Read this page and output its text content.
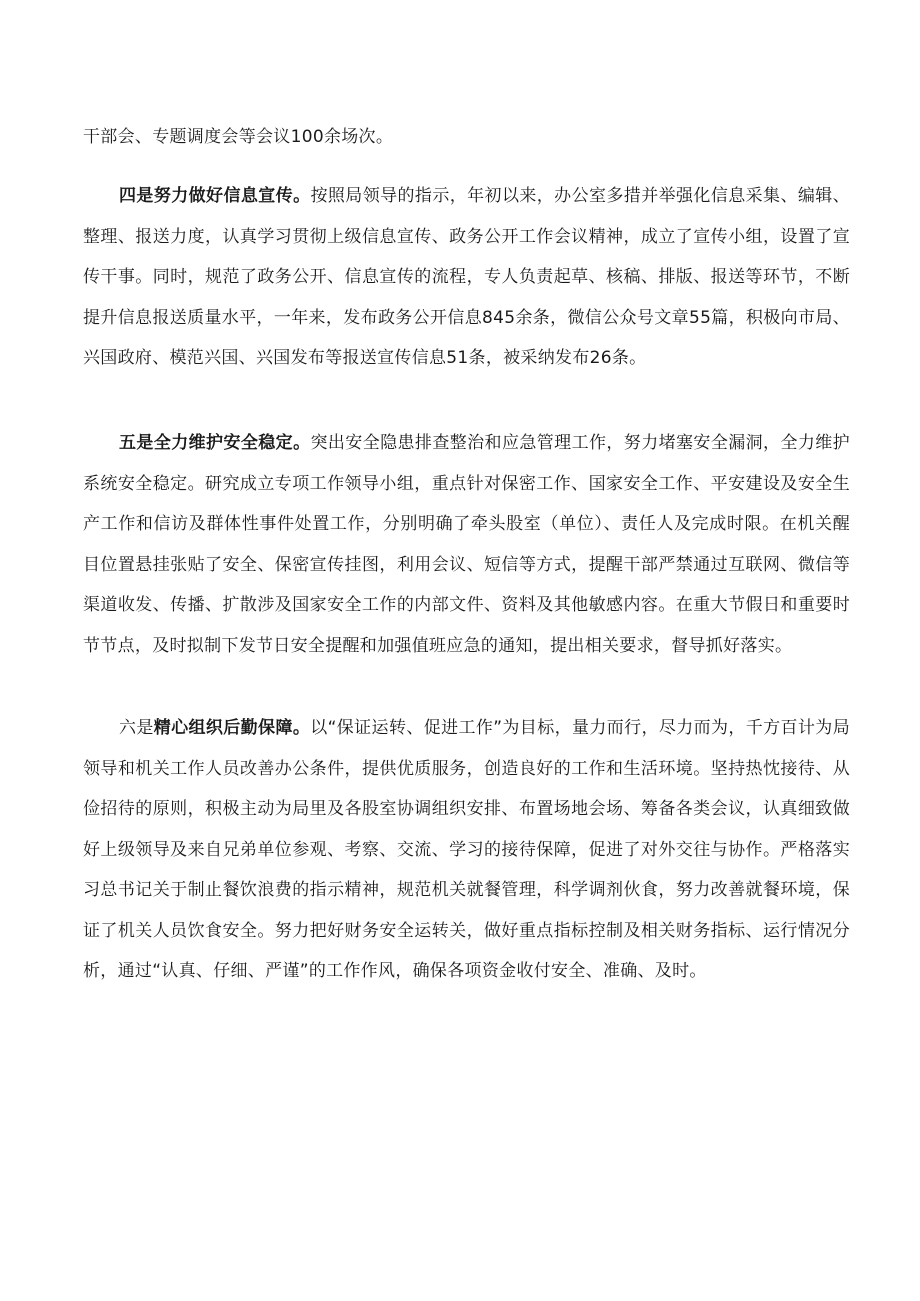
干部会、专题调度会等会议100余场次。

四是努力做好信息宣传。按照局领导的指示，年初以来，办公室多措并举强化信息采集、编辑、整理、报送力度，认真学习贯彻上级信息宣传、政务公开工作会议精神，成立了宣传小组，设置了宣传干事。同时，规范了政务公开、信息宣传的流程，专人负责起草、核稿、排版、报送等环节，不断提升信息报送质量水平，一年来，发布政务公开信息845余条，微信公众号文章55篇，积极向市局、兴国政府、模范兴国、兴国发布等报送宣传信息51条，被采纳发布26条。

五是全力维护安全稳定。突出安全隐患排查整治和应急管理工作，努力堵塞安全漏洞，全力维护系统安全稳定。研究成立专项工作领导小组，重点针对保密工作、国家安全工作、平安建设及安全生产工作和信访及群体性事件处置工作，分别明确了牵头股室（单位）、责任人及完成时限。在机关醒目位置悬挂张贴了安全、保密宣传挂图，利用会议、短信等方式，提醒干部严禁通过互联网、微信等渠道收发、传播、扩散涉及国家安全工作的内部文件、资料及其他敏感内容。在重大节假日和重要时节节点，及时拟制下发节日安全提醒和加强值班应急的通知，提出相关要求，督导抓好落实。

六是精心组织后勤保障。以“保证运转、促进工作”为目标，量力而行，尽力而为，千方百计为局领导和机关工作人员改善办公条件，提供优质服务，创造良好的工作和生活环境。坚持热忱接待、从俭招待的原则，积极主动为局里及各股室协调组织安排、布置场地会场、筹备各类会议，认真细致做好上级领导及来自兄弟单位参观、考察、交流、学习的接待保障，促进了对外交往与协作。严格落实习总书记关于制止餐饮浪费的指示精神，规范机关就餐管理，科学调剂伙食，努力改善就餐环境，保证了机关人员饮食安全。努力把好财务安全运转关，做好重点指标控制及相关财务指标、运行情况分析，通过“认真、仔细、严谨”的工作作风，确保各项资金收付安全、准确、及时。
